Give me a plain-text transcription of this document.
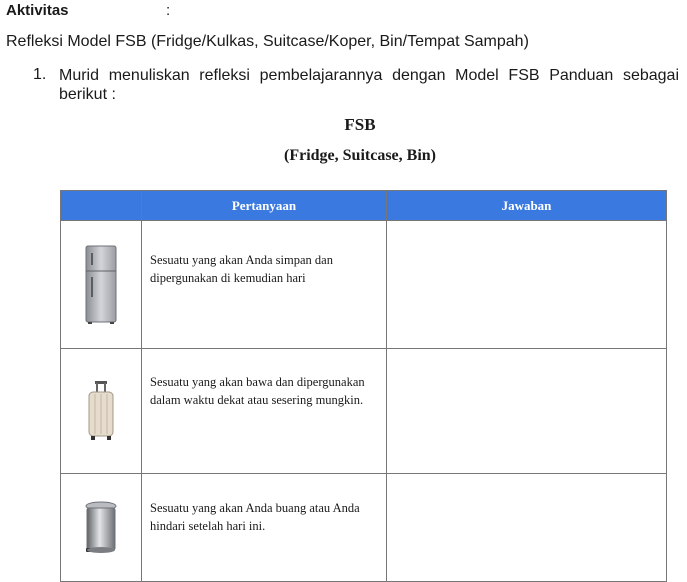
Aktivitas	:
Refleksi Model FSB (Fridge/Kulkas, Suitcase/Koper, Bin/Tempat Sampah)
1. Murid menuliskan refleksi pembelajarannya dengan Model FSB Panduan sebagai berikut :
FSB
(Fridge, Suitcase, Bin)
	Pertanyaan	Jawaban

	Sesuatu yang akan Anda simpan dan dipergunakan di kemudian hari	

	Sesuatu yang akan bawa dan dipergunakan dalam waktu dekat atau sesering mungkin.	

	Sesuatu yang akan Anda buang atau Anda hindari setelah hari ini.	
